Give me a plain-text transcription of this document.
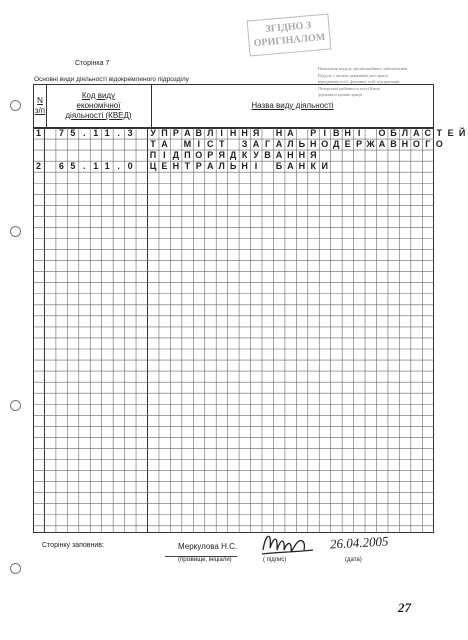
ЗГІДНО З
ОРИГІНАЛОМ
Сторінка 7
Начальник відділу організаційного забезпечення
Відділу з питань державної реєстрації
юридичних осіб, фізичних осіб-підприємців
Печерської районної в місті Києві
державної адміністрації
Основні види діяльності відокремленого підрозділу
N
з/п
Код виду економічної діяльності (КВЕД)
Назва виду діяльності
Сторінку заповнив:	Меркулова Н.С.
(прізвище, ініціали)	( підпис)	(дата)
26.04.2005
27
1	7 5 . 1 1 . 3	У П Р А В Л І Н Н Я Н А Р І В Н І	О Б Л А С Т Е Й
Т А М І С Т	З А Г А Л Ь Н О Д Е Р Ж А В Н О Г О
П І Д П О Р Я Д К У В А Н Н Я
2	6 5 . 1 1 . 0	Ц Е Н Т Р А Л Ь Н І	Б А Н К И
